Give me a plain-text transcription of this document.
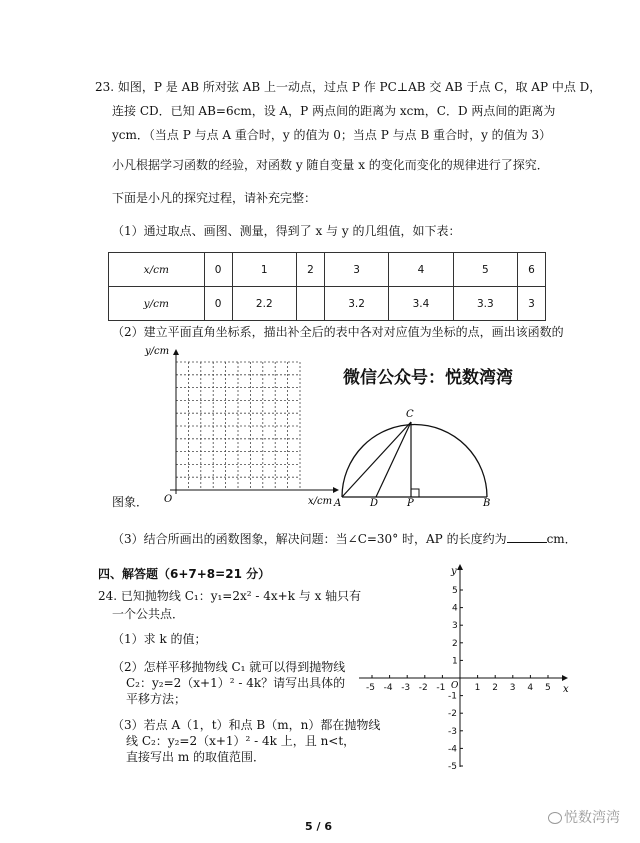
23. 如图，P 是 AB 所对弦 AB 上一动点，过点 P 作 PC⊥AB 交 AB 于点 C，取 AP 中点 D，
连接 CD．已知 AB=6cm，设 A，P 两点间的距离为 xcm，C．D 两点间的距离为
ycm．（当点 P 与点 A 重合时，y 的值为 0；当点 P 与点 B 重合时，y 的值为 3）
小凡根据学习函数的经验，对函数 y 随自变量 x 的变化而变化的规律进行了探究．
下面是小凡的探究过程，请补充完整：
（1）通过取点、画图、测量，得到了 x 与 y 的几组值，如下表：
x/cm	0	1	2	3	4	5	6
y/cm	0	2.2		3.2	3.4	3.3	3
（2）建立平面直角坐标系，描出补全后的表中各对对应值为坐标的点，画出该函数的
y/cm
O	x/cm
图象．
微信公众号：悦数湾湾
A	D	P	B
C
（3）结合所画出的函数图象，解决问题：当∠C=30° 时，AP 的长度约为	cm．
四、解答题（6+7+8=21 分）
24. 已知抛物线 C₁：y₁=2x² - 4x+k 与 x 轴只有
一个公共点．
（1）求 k 的值；
（2）怎样平移抛物线 C₁ 就可以得到抛物线
C₂：y₂=2（x+1）² - 4k？请写出具体的
平移方法；
（3）若点 A（1，t）和点 B（m，n）都在抛物线
线 C₂：y₂=2（x+1）² - 4k 上，且 n<t，
直接写出 m 的取值范围．
-5 -4 -3 -2 -1	1 2 3 4 5
5
4
3
2
1
-1
-2
-3
-4
-5
x
y
O
5 / 6
悦数湾湾
